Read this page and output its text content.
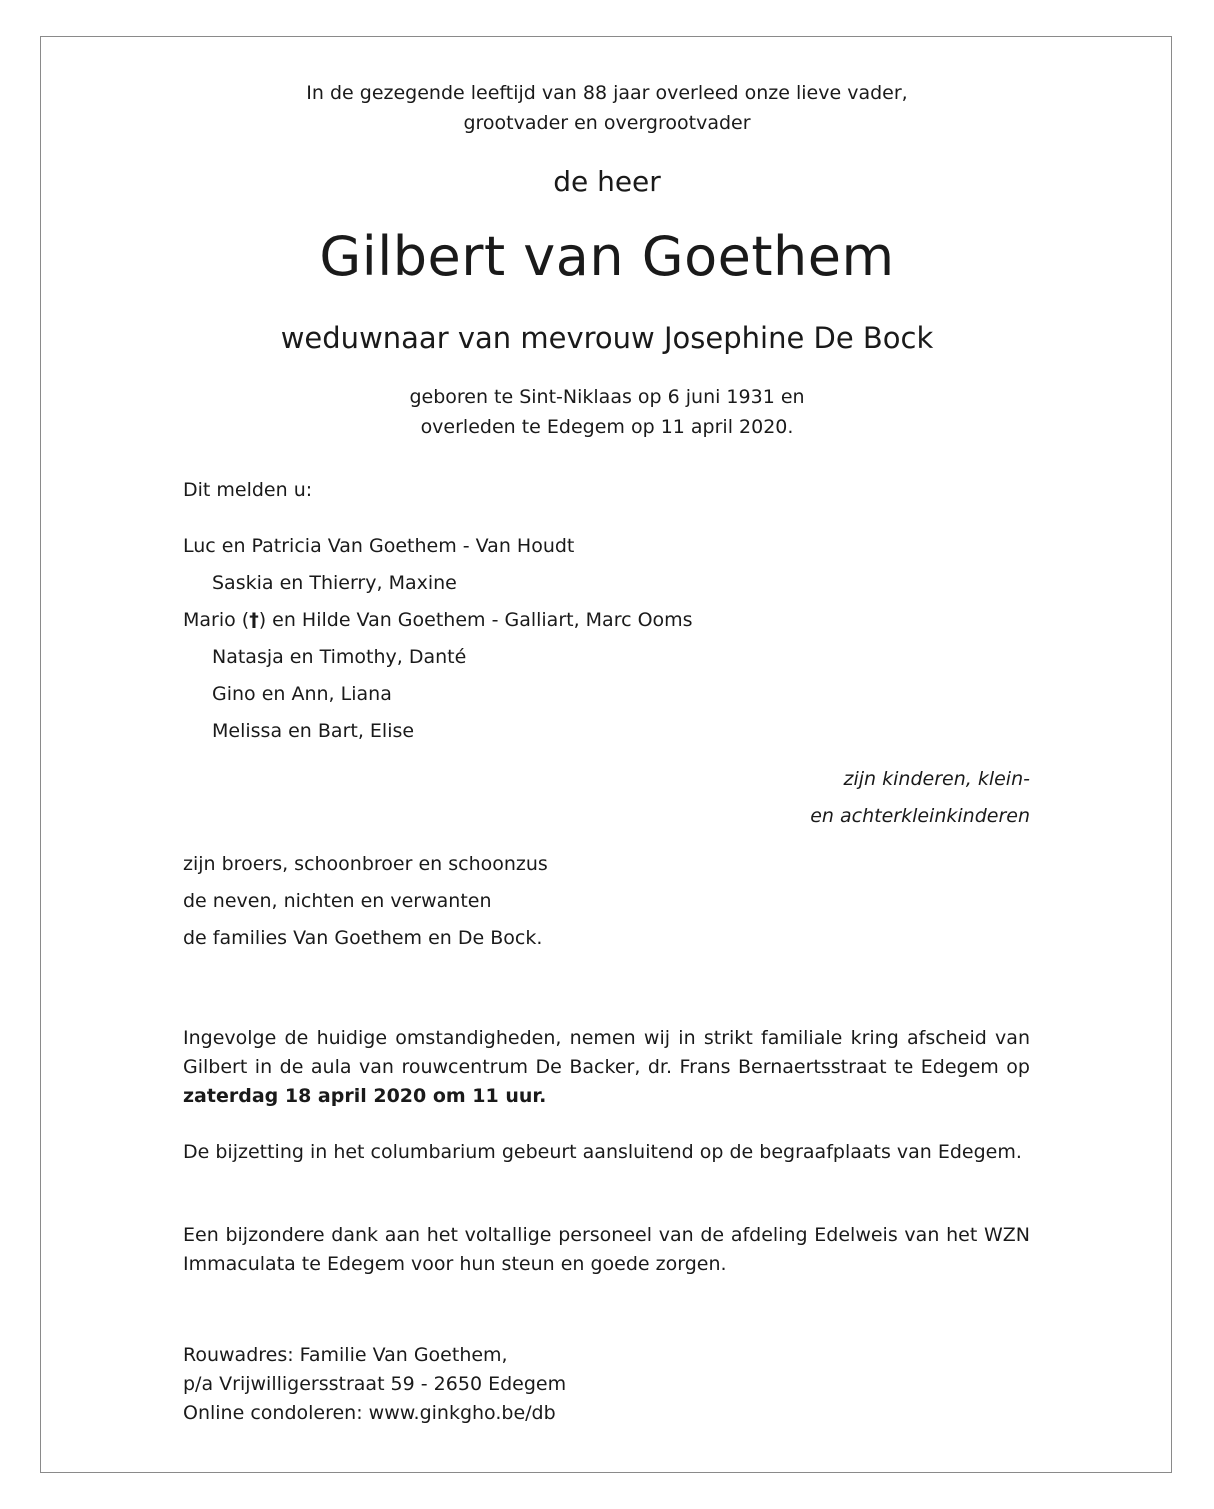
In de gezegende leeftijd van 88 jaar overleed onze lieve vader,
grootvader en overgrootvader
de heer
Gilbert van Goethem
weduwnaar van mevrouw Josephine De Bock
geboren te Sint-Niklaas op 6 juni 1931 en
overleden te Edegem op 11 april 2020.
Dit melden u:
Luc en Patricia Van Goethem - Van Houdt
Saskia en Thierry, Maxine
Mario (†) en Hilde Van Goethem - Galliart, Marc Ooms
Natasja en Timothy, Danté
Gino en Ann, Liana
Melissa en Bart, Elise
zijn kinderen, klein-
en achterkleinkinderen
zijn broers, schoonbroer en schoonzus
de neven, nichten en verwanten
de families Van Goethem en De Bock.
Ingevolge de huidige omstandigheden, nemen wij in strikt familiale kring afscheid van Gilbert in de aula van rouwcentrum De Backer, dr. Frans Bernaertsstraat te Edegem op zaterdag 18 april 2020 om 11 uur.
De bijzetting in het columbarium gebeurt aansluitend op de begraafplaats van Edegem.
Een bijzondere dank aan het voltallige personeel van de afdeling Edelweis van het WZN Immaculata te Edegem voor hun steun en goede zorgen.
Rouwadres: Familie Van Goethem,
p/a Vrijwilligersstraat 59 - 2650 Edegem
Online condoleren: www.ginkgho.be/db
